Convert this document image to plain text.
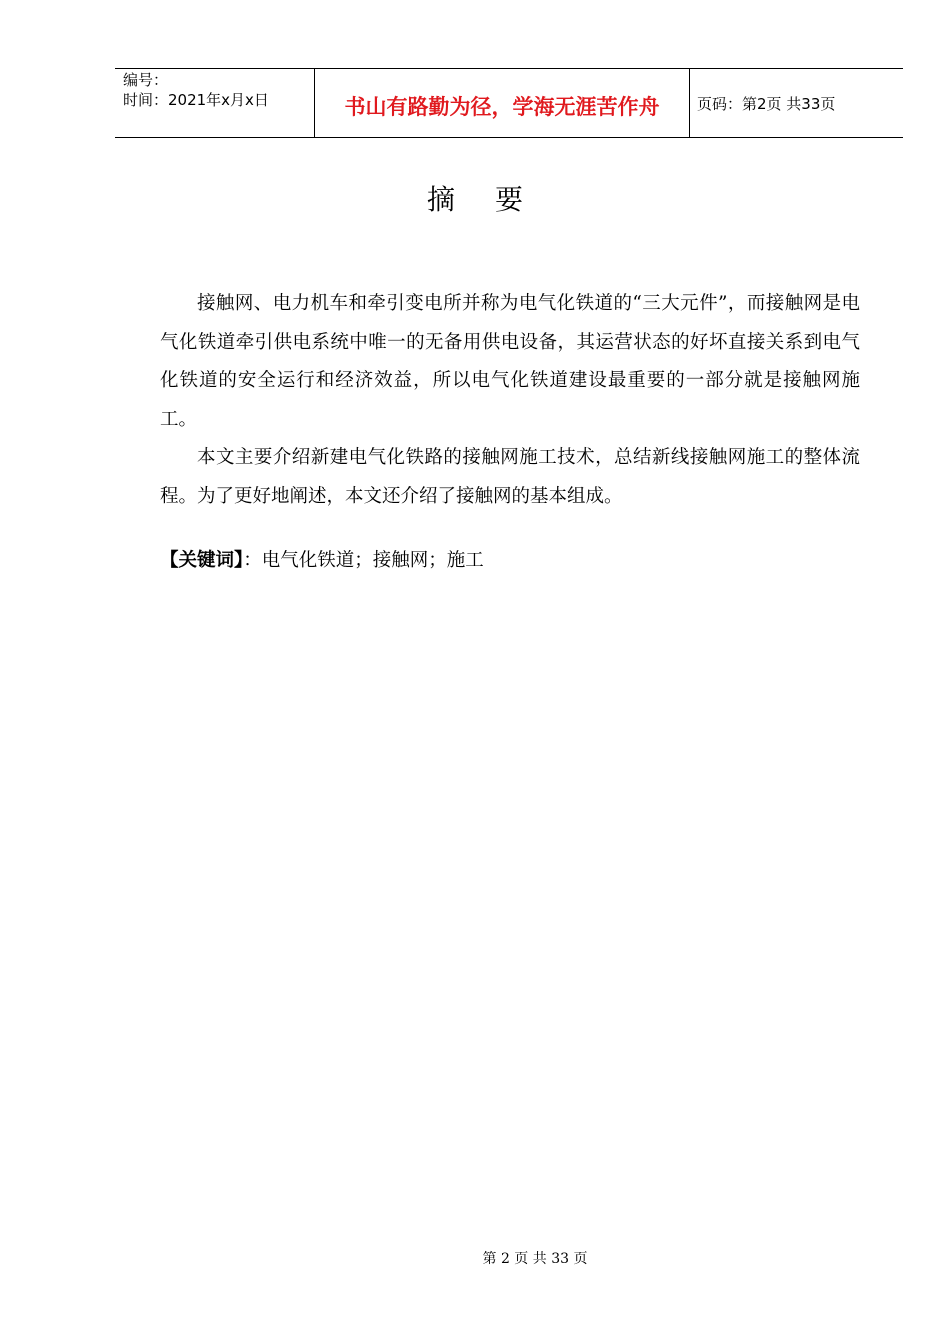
编号：
时间：2021年x月x日	书山有路勤为径，学海无涯苦作舟	页码：第2页 共33页
摘 要

接触网、电力机车和牵引变电所并称为电气化铁道的“三大元件”，而接触网是电气化铁道牵引供电系统中唯一的无备用供电设备，其运营状态的好坏直接关系到电气化铁道的安全运行和经济效益，所以电气化铁道建设最重要的一部分就是接触网施工。

本文主要介绍新建电气化铁路的接触网施工技术，总结新线接触网施工的整体流程。为了更好地阐述，本文还介绍了接触网的基本组成。

【关键词】：电气化铁道；接触网；施工
第 2 页 共 33 页
